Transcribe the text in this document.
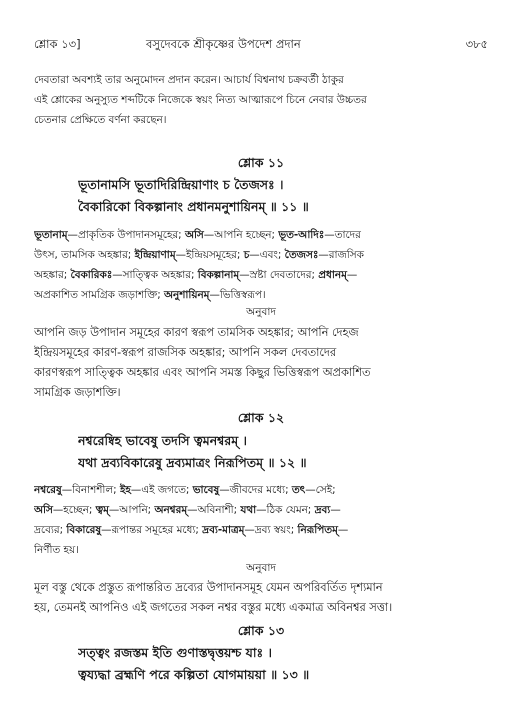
শ্লোক ১৩]	বসুদেবকে শ্রীকৃষ্ণের উপদেশ প্রদান	৩৮৫
দেবতারা অবশ্যই তার অনুমোদন প্রদান করেন। আচার্য বিশ্বনাথ চক্রবর্তী ঠাকুর
এই শ্লোকের অনুস্যুত শব্দটিকে নিজেকে স্বয়ং নিত্য আত্মারূপে চিনে নেবার উচ্চতর
চেতনার প্রেক্ষিতে বর্ণনা করছেন।
শ্লোক ১১
ভূতানামসি ভূতাদিরিন্দ্রিয়াণাং চ তৈজসঃ ।
বৈকারিকো বিকল্পানাং প্রধানমনুশায়িনম্ ॥ ১১ ॥
ভূতানাম্—প্রাকৃতিক উপাদানসমূহের; অসি—আপনি হচ্ছেন; ভূত-আদিঃ—তাদের
উৎস, তামসিক অহঙ্কার; ইন্দ্রিয়াণাম্—ইন্দ্রিয়সমূহের; চ—এবং; তৈজসঃ—রাজসিক
অহঙ্কার; বৈকারিকঃ—সাত্ত্বিক অহঙ্কার; বিকল্পানাম্—স্রষ্টা দেবতাদের; প্রধানম্—
অপ্রকাশিত সামগ্রিক জড়াশক্তি; অনুশায়িনম্—ভিত্তিস্বরূপ।
অনুবাদ
আপনি জড় উপাদান সমূহের কারণ স্বরূপ তামসিক অহঙ্কার; আপনি দেহজ
ইন্দ্রিয়সমূহের কারণ-স্বরূপ রাজসিক অহঙ্কার; আপনি সকল দেবতাদের
কারণস্বরূপ সাত্ত্বিক অহঙ্কার এবং আপনি সমস্ত কিছুর ভিত্তিস্বরূপ অপ্রকাশিত
সামগ্রিক জড়াশক্তি।
শ্লোক ১২
নশ্বরেষ্বিহ ভাবেষু তদসি ত্বমনশ্বরম্ ।
যথা দ্রব্যবিকারেষু দ্রব্যমাত্রং নিরূপিতম্ ॥ ১২ ॥
নশ্বরেষু—বিনাশশীল; ইহ—এই জগতে; ভাবেষু—জীবদের মধ্যে; তৎ—সেই;
অসি—হচ্ছেন; ত্বম্—আপনি; অনশ্বরম্—অবিনাশী; যথা—ঠিক যেমন; দ্রব্য—
দ্রব্যের; বিকারেষু—রূপান্তর সমূহের মধ্যে; দ্রব্য-মাত্রম্—দ্রব্য স্বয়ং; নিরূপিতম্—
নির্ণীত হয়।
অনুবাদ
মূল বস্তু থেকে প্রস্তুত রূপান্তরিত দ্রব্যের উপাদানসমূহ যেমন অপরিবর্তিত দৃশ্যমান
হয়, তেমনই আপনিও এই জগতের সকল নশ্বর বস্তুর মধ্যে একমাত্র অবিনশ্বর সত্তা।
শ্লোক ১৩
সত্ত্বং রজস্তম ইতি গুণাস্তদ্বৃত্তয়শ্চ যাঃ ।
ত্বয্যদ্ধা ব্রহ্মণি পরে কল্পিতা যোগমায়য়া ॥ ১৩ ॥
